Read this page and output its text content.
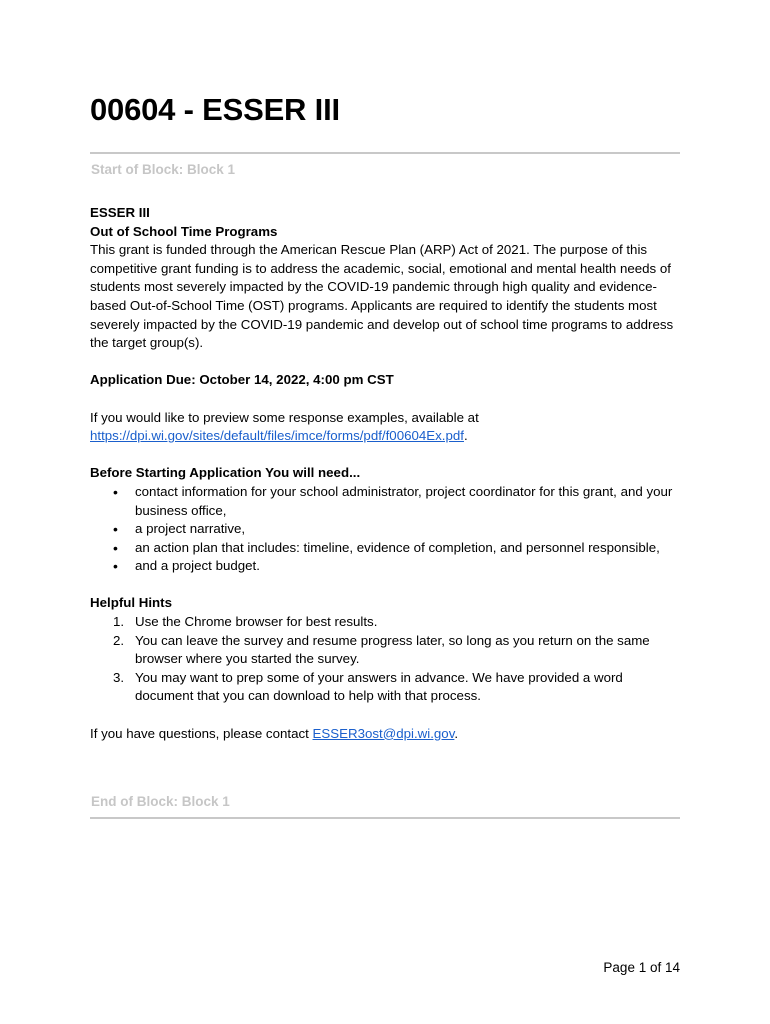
00604 - ESSER III
Start of Block: Block 1

ESSER III

Out of School Time Programs

This grant is funded through the American Rescue Plan (ARP) Act of 2021. The purpose of this competitive grant funding is to address the academic, social, emotional and mental health needs of students most severely impacted by the COVID-19 pandemic through high quality and evidence-based Out-of-School Time (OST) programs. Applicants are required to identify the students most severely impacted by the COVID-19 pandemic and develop out of school time programs to address the target group(s).

Application Due: October 14, 2022, 4:00 pm CST

If you would like to preview some response examples, available at
https://dpi.wi.gov/sites/default/files/imce/forms/pdf/f00604Ex.pdf.

Before Starting Application You will need...

• contact information for your school administrator, project coordinator for this grant, and your business office,
• a project narrative,
• an action plan that includes: timeline, evidence of completion, and personnel responsible,
• and a project budget.

Helpful Hints

1. Use the Chrome browser for best results.
2. You can leave the survey and resume progress later, so long as you return on the same browser where you started the survey.
3. You may want to prep some of your answers in advance. We have provided a word document that you can download to help with that process.

If you have questions, please contact ESSER3ost@dpi.wi.gov.

End of Block: Block 1
Page 1 of 14
